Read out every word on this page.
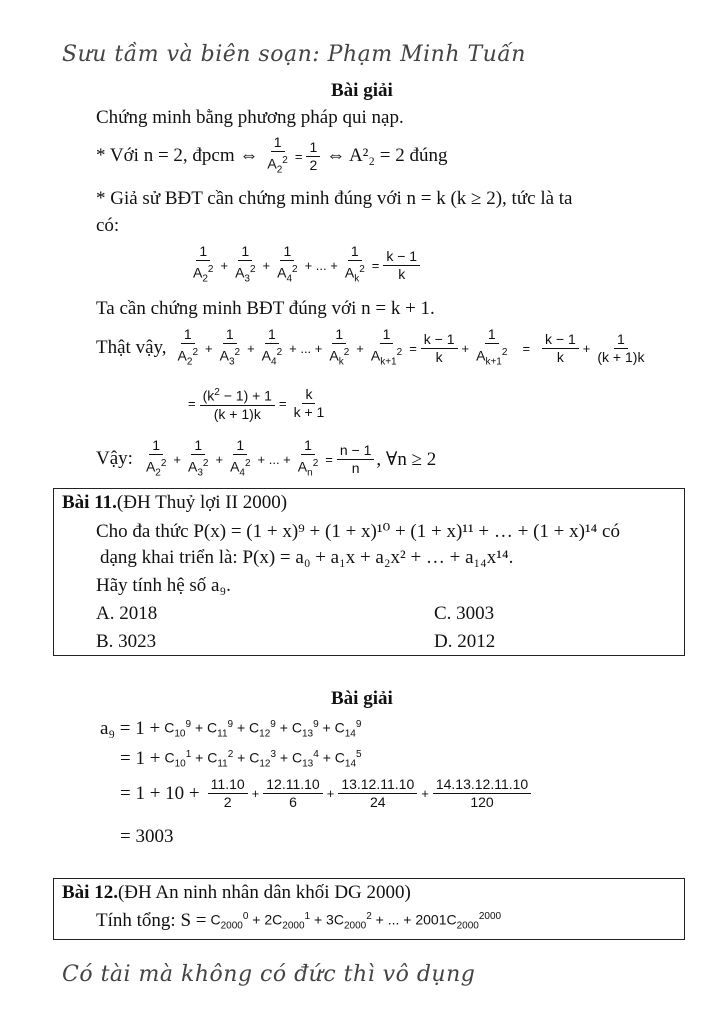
Sưu tầm và biên soạn: Phạm Minh Tuấn
Bài giải
Chứng minh bằng phương pháp qui nạp.
* Với n = 2, đpcm ⇔ $\frac{1}{A_2^2} = \frac{1}{2}$ ⇔ A²₂ = 2 đúng
* Giả sử BĐT cần chứng minh đúng với n = k (k ≥ 2), tức là ta
có:
$\frac{1}{A_2^2} + \frac{1}{A_3^2} + \frac{1}{A_4^2}$ + ... + $\frac{1}{A_k^2} = \frac{k - 1}{k}$
Ta cần chứng minh BĐT đúng với n = k + 1.
Thật vậy, $\frac{1}{A_2^2} + \frac{1}{A_3^2} + \frac{1}{A_4^2}$ + ... + $\frac{1}{A_k^2} + \frac{1}{A_{k+1}^2} = \frac{k - 1}{k} + \frac{1}{A_{k+1}^2} = \frac{k - 1}{k} + \frac{1}{(k + 1)k}$
= $\frac{(k^2 - 1) + 1}{(k + 1)k} = \frac{k}{k + 1}$
Vậy: $\frac{1}{A_2^2} + \frac{1}{A_3^2} + \frac{1}{A_4^2}$ + ... + $\frac{1}{A_n^2} = \frac{n - 1}{n}$ , ∀n ≥ 2
Bài 11.(ĐH Thuỷ lợi II 2000)
Cho đa thức P(x) = (1 + x)⁹ + (1 + x)¹⁰ + (1 + x)¹¹ + … + (1 + x)¹⁴ có
dạng khai triển là: P(x) = a₀ + a₁x + a₂x² + … + a₁₄x¹⁴.
Hãy tính hệ số a₉.
A. 2018	C. 3003
B. 3023	D. 2012
Bài giải
$a_9 = 1 + C_{10}^9 + C_{11}^9 + C_{12}^9 + C_{13}^9 + C_{14}^9$
= $1 + C_{10}^1 + C_{11}^2 + C_{12}^3 + C_{13}^4 + C_{14}^5$
= $1 + 10 + \frac{11.10}{2} + \frac{12.11.10}{6} + \frac{13.12.11.10}{24} + \frac{14.13.12.11.10}{120}$
= 3003
Bài 12.(ĐH An ninh nhân dân khối DG 2000)
Tính tổng: $S = C_{2000}^0 + 2C_{2000}^1 + 3C_{2000}^2$ + ... + $2001C_{2000}^{2000}$
Có tài mà không có đức thì vô dụng
